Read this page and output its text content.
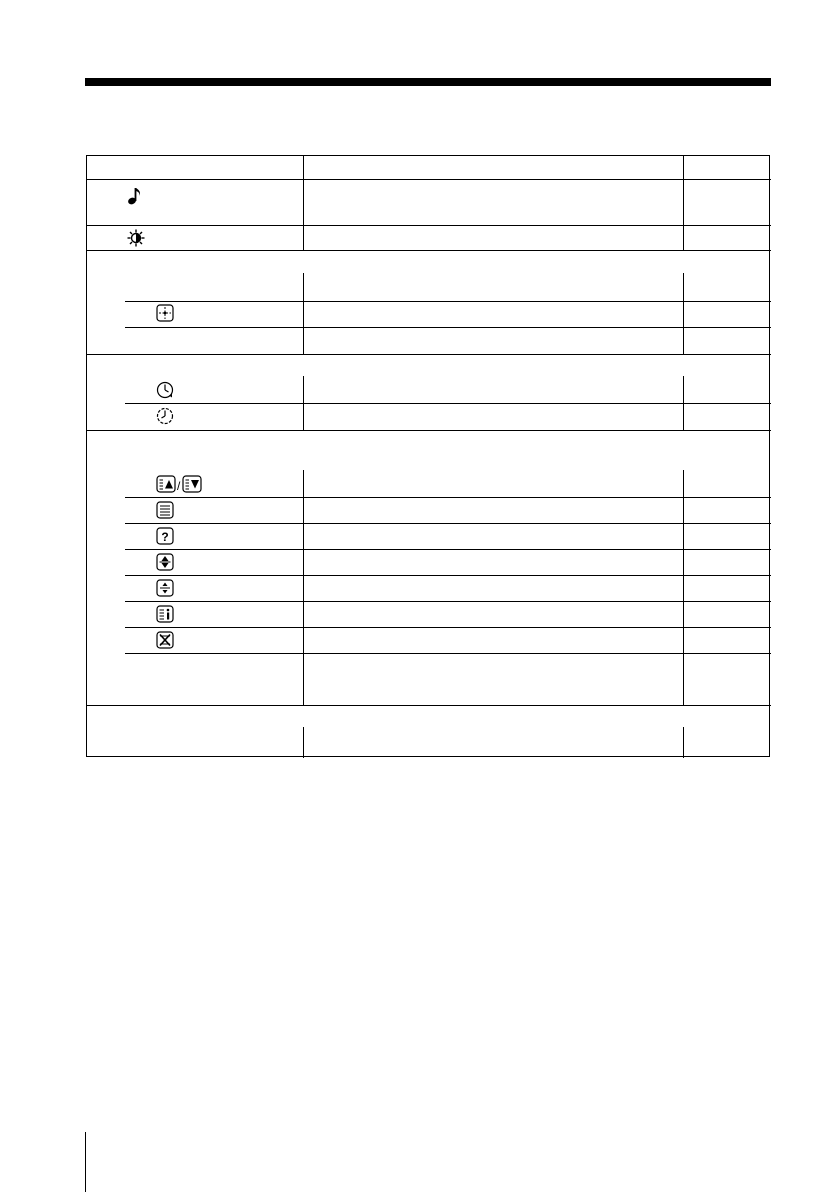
/
?
